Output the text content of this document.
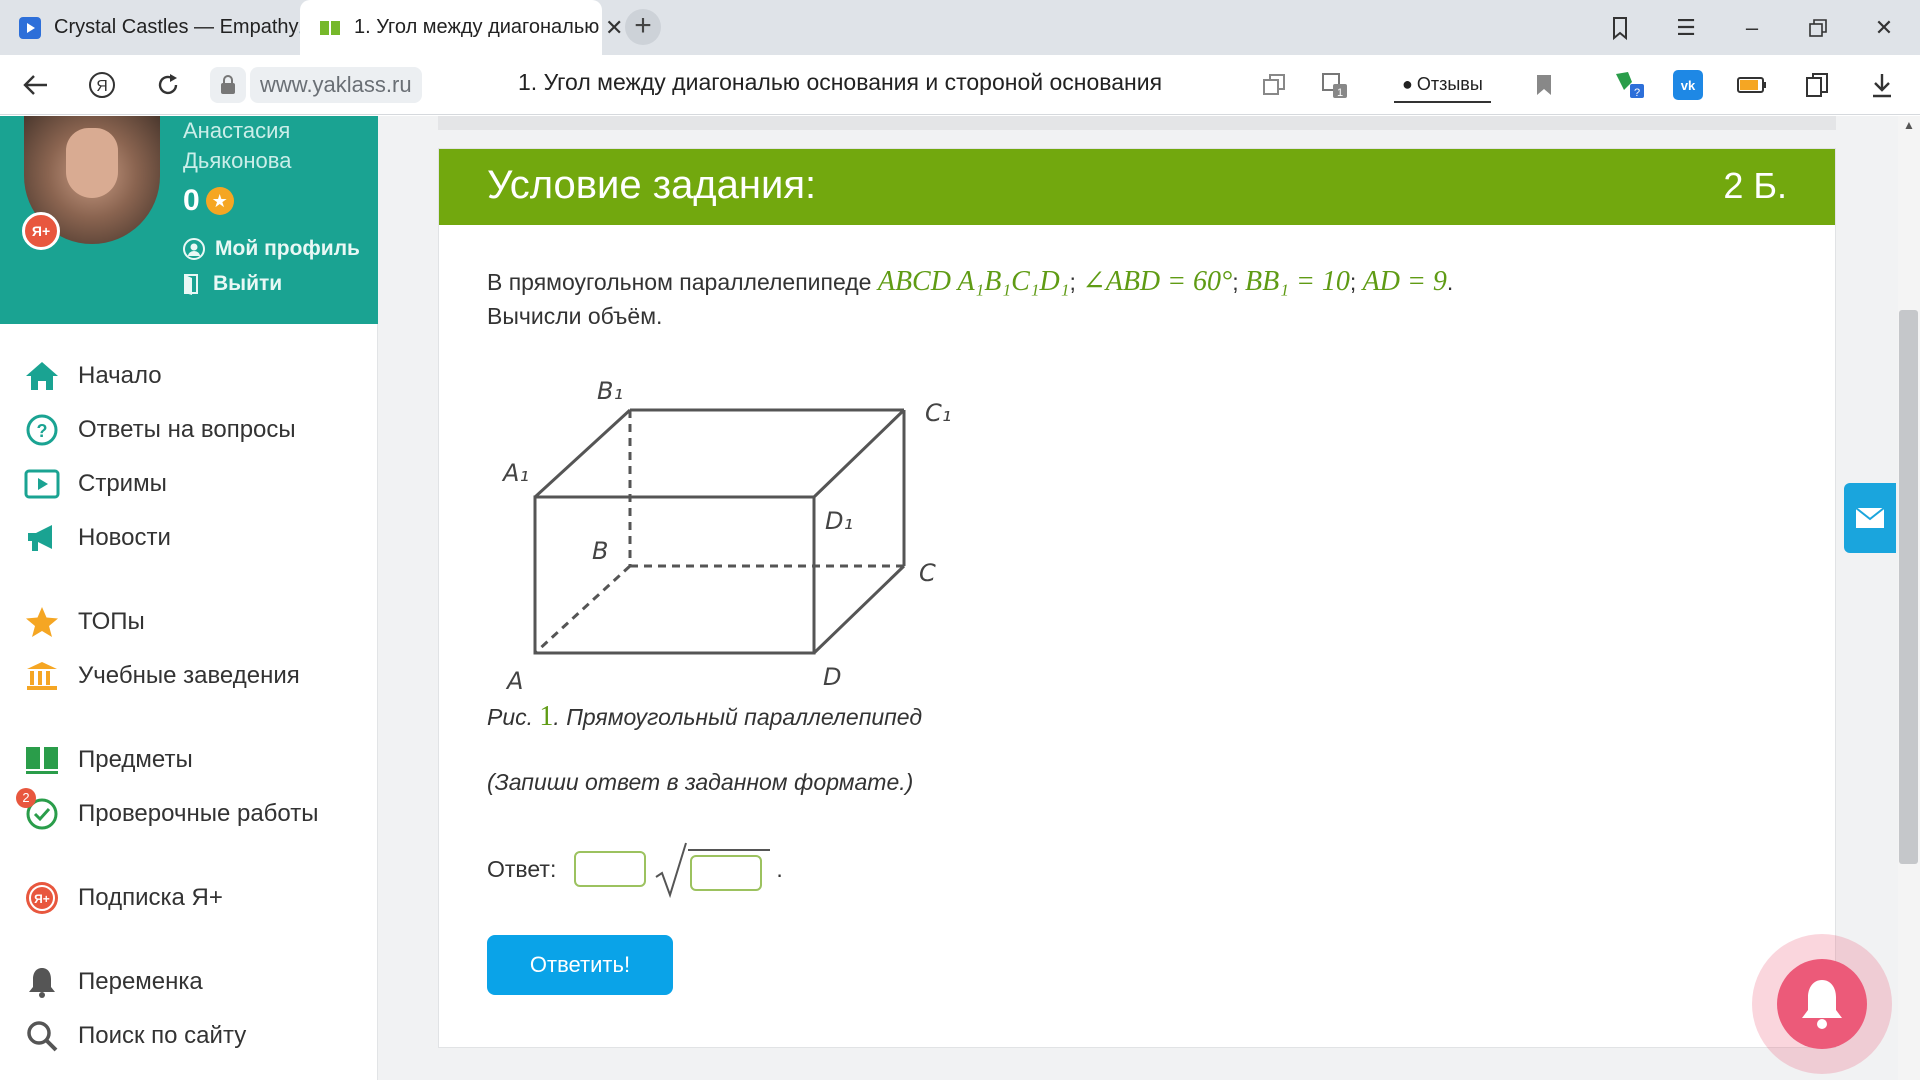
Crystal Castles — Empathy	1. Угол между диагональю ✕ +	☰	–	✕
Я	www.yaklass.ru	1. Угол между диагональю основания и стороной основания	1	● Отзывы	?	vk
Я+
Анастасия Дьяконова
0 ★
Мой профиль
Выйти
Начало
? Ответы на вопросы
Стримы
Новости
ТОПы
Учебные заведения
Предметы
2
Проверочные работы
Я+ Подписка Я+
Переменка
Поиск по сайту
Условие задания:	2 Б.
В прямоугольном параллелепипеде ABCD A₁B₁C₁D₁; ∠ABD = 60°; BB₁ = 10; AD = 9.
Вычисли объём.
A
B
C
D
A₁
B₁
C₁
D₁
Рис. 1. Прямоугольный параллелепипед
(Запиши ответ в заданном формате.)
Ответ:	.
Ответить!
▲
